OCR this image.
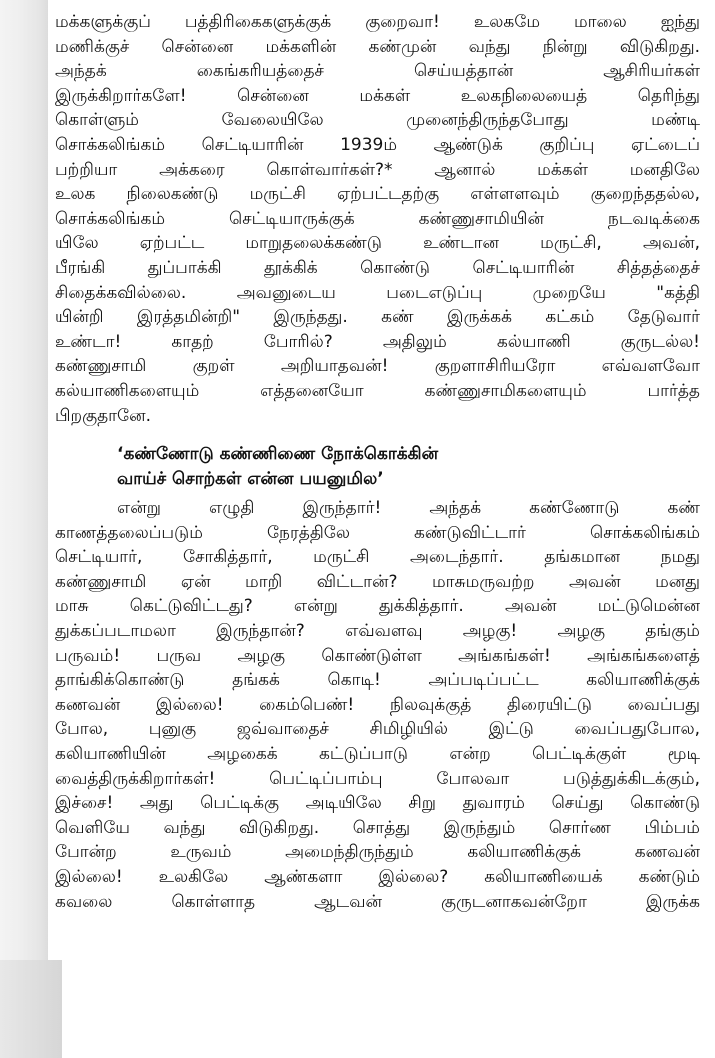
மக்களுக்குப் பத்திரிகைகளுக்குக் குறைவா! உலகமே மாலை ஐந்து
மணிக்குச் சென்னை மக்களின் கண்முன் வந்து நின்று விடுகிறது.
அந்தக் கைங்கரியத்தைச் செய்யத்தான் ஆசிரியர்கள்
இருக்கிறார்களே! சென்னை மக்கள் உலகநிலையைத் தெரிந்து
கொள்ளும் வேலையிலே முனைந்திருந்தபோது மண்டி
சொக்கலிங்கம் செட்டியாரின் 1939ம் ஆண்டுக் குறிப்பு ஏட்டைப்
பற்றியா அக்கரை கொள்வார்கள்?* ஆனால் மக்கள் மனதிலே
உலக நிலைகண்டு மருட்சி ஏற்பட்டதற்கு எள்ளளவும் குறைந்ததல்ல,
சொக்கலிங்கம் செட்டியாருக்குக் கண்ணுசாமியின் நடவடிக்கை
யிலே ஏற்பட்ட மாறுதலைக்கண்டு உண்டான மருட்சி, அவன்,
பீரங்கி துப்பாக்கி தூக்கிக் கொண்டு செட்டியாரின் சித்தத்தைச்
சிதைக்கவில்லை. அவனுடைய படைஎடுப்பு முறையே "கத்தி
யின்றி இரத்தமின்றி" இருந்தது. கண் இருக்கக் கட்கம் தேடுவார்
உண்டா! காதற் போரில்? அதிலும் கல்யாணி குருடல்ல!
கண்ணுசாமி குறள் அறியாதவன்! குறளாசிரியரோ எவ்வளவோ
கல்யாணிகளையும் எத்தனையோ கண்ணுசாமிகளையும் பார்த்த
பிறகுதானே.
‘கண்ணோடு கண்ணிணை நோக்கொக்கின்
வாய்ச் சொற்கள் என்ன பயனுமில’
என்று எழுதி இருந்தார்! அந்தக் கண்ணோடு கண்
காணத்தலைப்படும் நேரத்திலே கண்டுவிட்டார் சொக்கலிங்கம்
செட்டியார், சோகித்தார், மருட்சி அடைந்தார். தங்கமான நமது
கண்ணுசாமி ஏன் மாறி விட்டான்? மாசுமருவற்ற அவன் மனது
மாசு கெட்டுவிட்டது? என்று துக்கித்தார். அவன் மட்டுமென்ன
துக்கப்படாமலா இருந்தான்? எவ்வளவு அழகு! அழகு தங்கும்
பருவம்! பருவ அழகு கொண்டுள்ள அங்கங்கள்! அங்கங்களைத்
தாங்கிக்கொண்டு தங்கக் கொடி! அப்படிப்பட்ட கலியாணிக்குக்
கணவன் இல்லை! கைம்பெண்! நிலவுக்குத் திரையிட்டு வைப்பது
போல, புனுகு ஜவ்வாதைச் சிமிழியில் இட்டு வைப்பதுபோல,
கலியாணியின் அழகைக் கட்டுப்பாடு என்ற பெட்டிக்குள் மூடி
வைத்திருக்கிறார்கள்! பெட்டிப்பாம்பு போலவா படுத்துக்கிடக்கும்,
இச்சை! அது பெட்டிக்கு அடியிலே சிறு துவாரம் செய்து கொண்டு
வெளியே வந்து விடுகிறது. சொத்து இருந்தும் சொர்ண பிம்பம்
போன்ற உருவம் அமைந்திருந்தும் கலியாணிக்குக் கணவன்
இல்லை! உலகிலே ஆண்களா இல்லை? கலியாணியைக் கண்டும்
கவலை கொள்ளாத ஆடவன் குருடனாகவன்றோ இருக்க
